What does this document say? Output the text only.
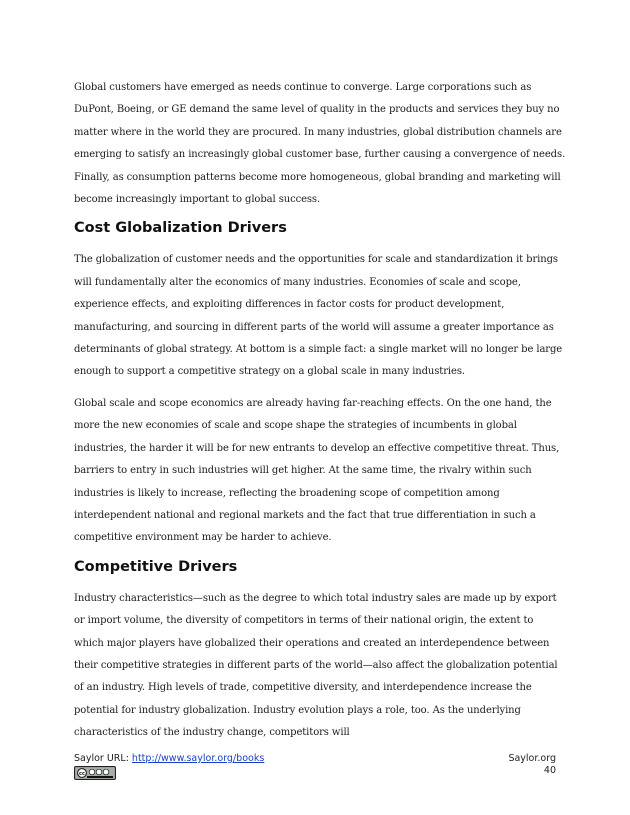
Global customers have emerged as needs continue to converge. Large corporations such as DuPont, Boeing, or GE demand the same level of quality in the products and services they buy no matter where in the world they are procured. In many industries, global distribution channels are emerging to satisfy an increasingly global customer base, further causing a convergence of needs. Finally, as consumption patterns become more homogeneous, global branding and marketing will become increasingly important to global success.

Cost Globalization Drivers

The globalization of customer needs and the opportunities for scale and standardization it brings will fundamentally alter the economics of many industries. Economies of scale and scope, experience effects, and exploiting differences in factor costs for product development, manufacturing, and sourcing in different parts of the world will assume a greater importance as determinants of global strategy. At bottom is a simple fact: a single market will no longer be large enough to support a competitive strategy on a global scale in many industries.

Global scale and scope economics are already having far-reaching effects. On the one hand, the more the new economies of scale and scope shape the strategies of incumbents in global industries, the harder it will be for new entrants to develop an effective competitive threat. Thus, barriers to entry in such industries will get higher. At the same time, the rivalry within such industries is likely to increase, reflecting the broadening scope of competition among interdependent national and regional markets and the fact that true differentiation in such a competitive environment may be harder to achieve.

Competitive Drivers

Industry characteristics—such as the degree to which total industry sales are made up by export or import volume, the diversity of competitors in terms of their national origin, the extent to which major players have globalized their operations and created an interdependence between their competitive strategies in different parts of the world—also affect the globalization potential of an industry. High levels of trade, competitive diversity, and interdependence increase the potential for industry globalization. Industry evolution plays a role, too. As the underlying characteristics of the industry change, competitors will

Saylor URL: http://www.saylor.org/books
cc
Saylor.org
40
